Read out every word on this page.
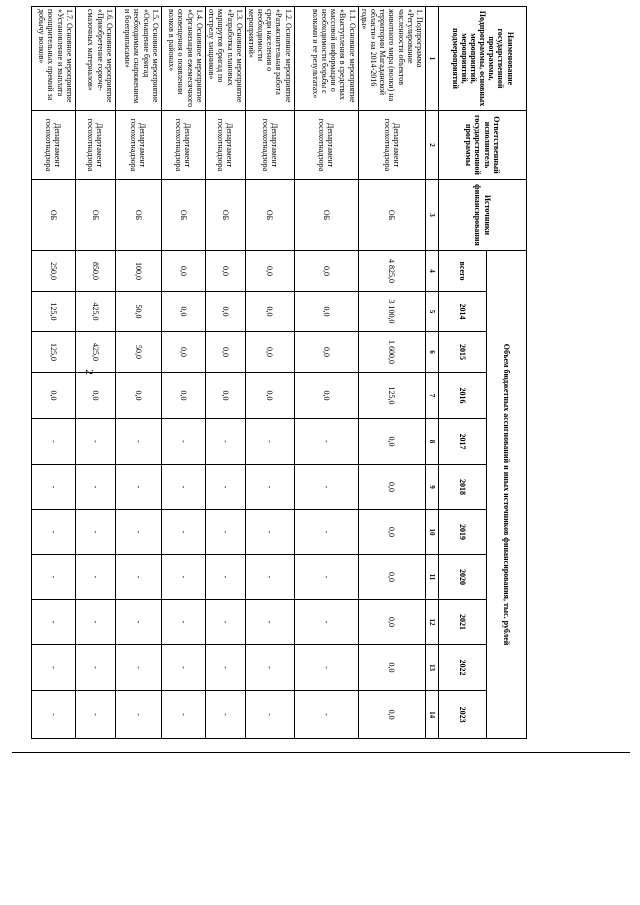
2
Наименование государственной программы, Подпрограммы, основных мероприятий, мероприятий, подмероприятий	Ответственный исполнитель государственной программы	Источники финансирования	Объем бюджетных ассигнований и иных источников финансирования, тыс. рублей										
			всего	2014	2015	2016	2017	2018	2019	2020	2021	2022	2023
1	2	3	4	5	6	7	8	9	10	11	12	13	14
1. Подпрограмма «Регулирование численности объектов животного мира (волки) на территории Магаданской области» на 2014-2016 годы»	Департамент госохотнадзора	ОБ	4 825,0	3 100,0	1 600,0	125,0	0,0	0,0	0,0	0,0	0,0	0,0	0,0
1.1. Основное мероприятие «Выступления в средствах массовой информации о необходимости борьбы с волками и ее результатах»	Департамент госохотнадзора	ОБ	0,0	0,0	0,0	0,0	-	-	-	-	-	-	-
1.2. Основное мероприятие «Разъяснительная работа среди населения о необходимости мероприятий»	Департамент госохотнадзора	ОБ	0,0	0,0	0,0	0,0	-	-	-	-	-	-	-
1.3. Основное мероприятие «Разработка плановых маршрутов бригад по отстрелу хищников»	Департамент госохотнадзора	ОБ	0,0	0,0	0,0	0,0	-	-	-	-	-	-	-
1.4. Основное мероприятие «Организация ежемесячного оповещения о появлении волков в районах»	Департамент госохотнадзора	ОБ	0,0	0,0	0,0	0,0	-	-	-	-	-	-	-
1.5. Основное мероприятие «Оснащение бригад необходимым снаряжением и боеприпасами»	Департамент госохотнадзора	ОБ	100,0	50,0	50,0	0,0	-	-	-	-	-	-	-
1.6. Основное мероприятие «Приобретение горюче-смазочных материалов»	Департамент госохотнадзора	ОБ	850,0	425,0	425,0	0,0	-	-	-	-	-	-	-
1.7. Основное мероприятие «Установление и выплата поощрительных премий за добычу волков»	Департамент госохотнадзора	ОБ	250,0	125,0	125,0	0,0	-	-	-	-	-	-	-
